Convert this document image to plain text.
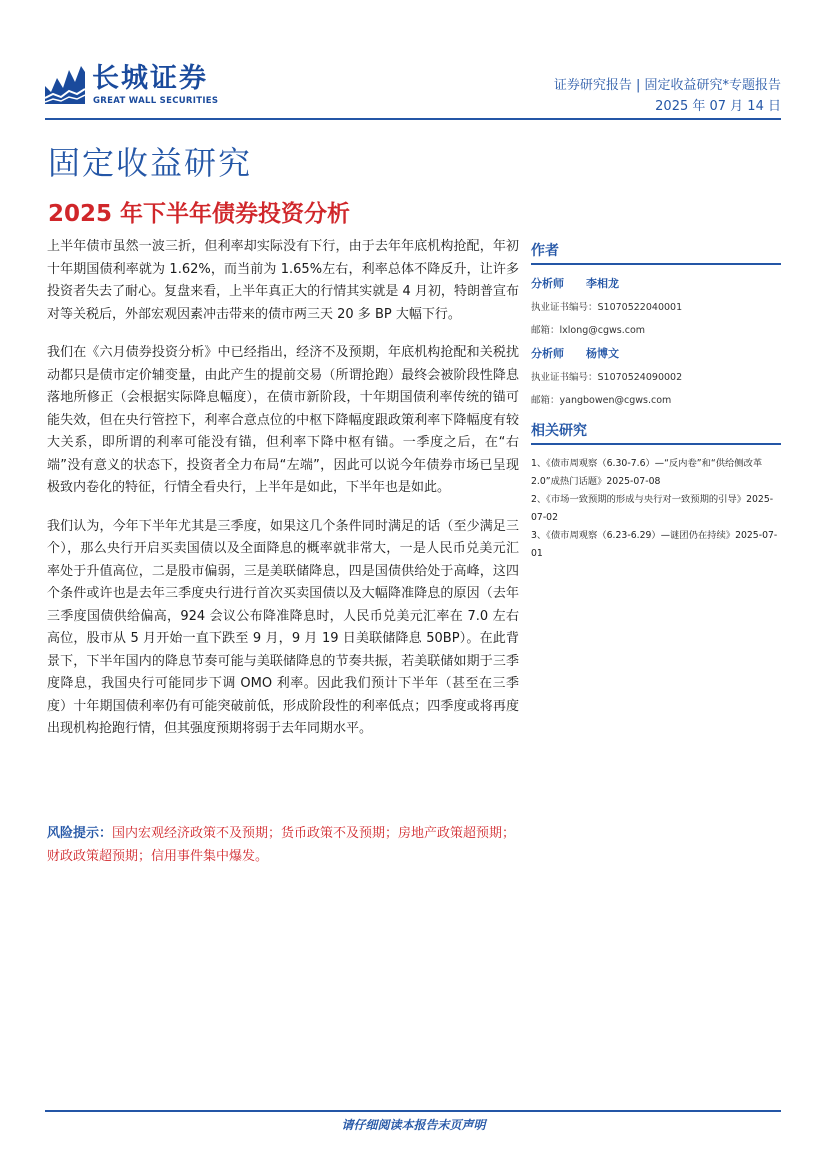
长城证券
GREAT WALL SECURITIES
证券研究报告 | 固定收益研究*专题报告
2025 年 07 月 14 日
固定收益研究
2025 年下半年债券投资分析

上半年债市虽然一波三折，但利率却实际没有下行，由于去年年底机构抢配，年初十年期国债利率就为 1.62%，而当前为 1.65%左右，利率总体不降反升，让许多投资者失去了耐心。复盘来看，上半年真正大的行情其实就是 4 月初，特朗普宣布对等关税后，外部宏观因素冲击带来的债市两三天 20 多 BP 大幅下行。

我们在《六月债券投资分析》中已经指出，经济不及预期，年底机构抢配和关税扰动都只是债市定价辅变量，由此产生的提前交易（所谓抢跑）最终会被阶段性降息落地所修正（会根据实际降息幅度），在债市新阶段，十年期国债利率传统的锚可能失效，但在央行管控下，利率合意点位的中枢下降幅度跟政策利率下降幅度有较大关系，即所谓的利率可能没有锚，但利率下降中枢有锚。一季度之后，在“右端”没有意义的状态下，投资者全力布局“左端”，因此可以说今年债券市场已呈现极致内卷化的特征，行情全看央行，上半年是如此，下半年也是如此。

我们认为，今年下半年尤其是三季度，如果这几个条件同时满足的话（至少满足三个），那么央行开启买卖国债以及全面降息的概率就非常大，一是人民币兑美元汇率处于升值高位，二是股市偏弱，三是美联储降息，四是国债供给处于高峰，这四个条件或许也是去年三季度央行进行首次买卖国债以及大幅降准降息的原因（去年三季度国债供给偏高，924 会议公布降准降息时，人民币兑美元汇率在 7.0 左右高位，股市从 5 月开始一直下跌至 9 月，9 月 19 日美联储降息 50BP）。在此背景下，下半年国内的降息节奏可能与美联储降息的节奏共振，若美联储如期于三季度降息，我国央行可能同步下调 OMO 利率。因此我们预计下半年（甚至在三季度）十年期国债利率仍有可能突破前低，形成阶段性的利率低点；四季度或将再度出现机构抢跑行情，但其强度预期将弱于去年同期水平。

风险提示：国内宏观经济政策不及预期；货币政策不及预期；房地产政策超预期；财政政策超预期；信用事件集中爆发。
作者
分析师 李相龙
执业证书编号：S1070522040001
邮箱：lxlong@cgws.com
分析师 杨博文
执业证书编号：S1070524090002
邮箱：yangbowen@cgws.com
相关研究
1、《债市周观察（6.30-7.6）—“反内卷”和“供给侧改革 2.0”成热门话题》2025-07-08
2、《市场一致预期的形成与央行对一致预期的引导》2025-07-02
3、《债市周观察（6.23-6.29）—谜团仍在持续》2025-07-01
请仔细阅读本报告末页声明
